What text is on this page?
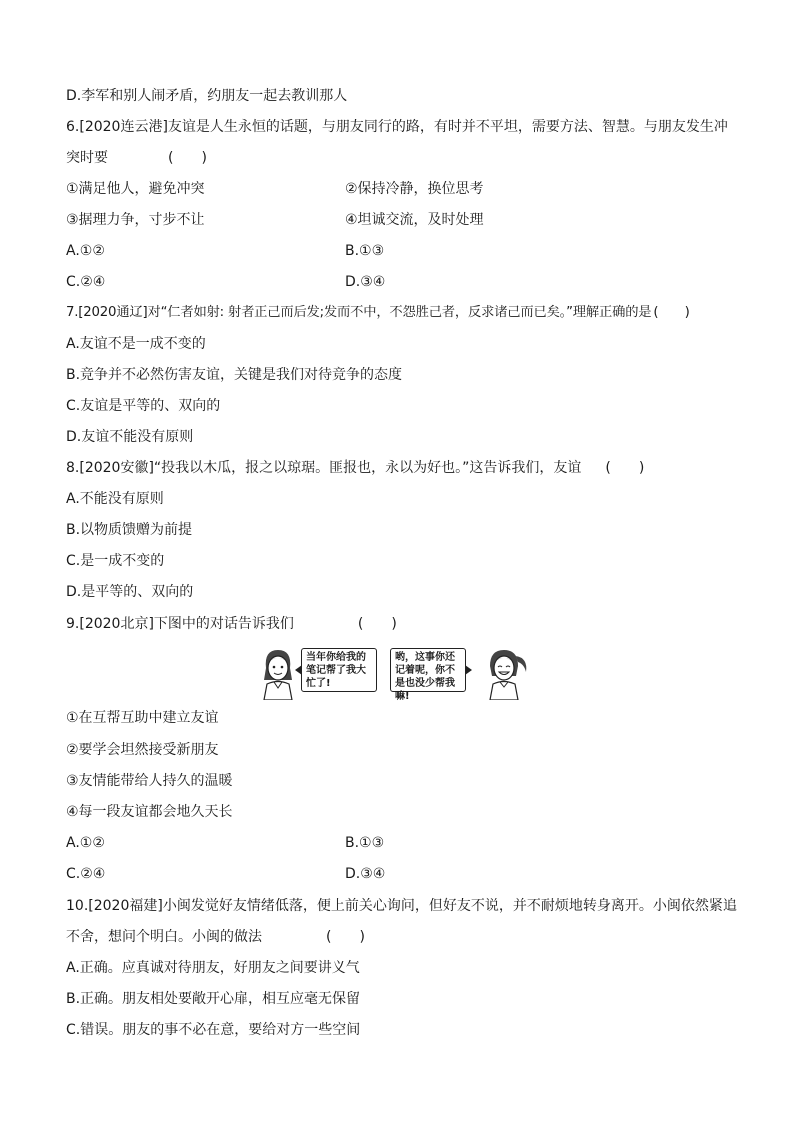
D.李军和别人闹矛盾，约朋友一起去教训那人
6.[2020连云港]友谊是人生永恒的话题，与朋友同行的路，有时并不平坦，需要方法、智慧。与朋友发生冲
突时要	(　　)
①满足他人，避免冲突	②保持冷静，换位思考
③据理力争，寸步不让	④坦诚交流，及时处理
A.①②	B.①③
C.②④	D.③④
7.[2020通辽]对“仁者如射: 射者正己而后发;发而不中，不怨胜己者，反求诸己而已矣。”理解正确的是 (　　)
A.友谊不是一成不变的
B.竞争并不必然伤害友谊，关键是我们对待竞争的态度
C.友谊是平等的、双向的
D.友谊不能没有原则
8.[2020安徽]“投我以木瓜，报之以琼琚。匪报也，永以为好也。”这告诉我们，友谊 (　　)
A.不能没有原则
B.以物质馈赠为前提
C.是一成不变的
D.是平等的、双向的
9.[2020北京]下图中的对话告诉我们	(　　)
当年你给我的笔记帮了我大忙了!
哟，这事你还记着呢，你不是也没少帮我嘛!
①在互帮互助中建立友谊
②要学会坦然接受新朋友
③友情能带给人持久的温暖
④每一段友谊都会地久天长
A.①②	B.①③
C.②④	D.③④
10.[2020福建]小闽发觉好友情绪低落，便上前关心询问，但好友不说，并不耐烦地转身离开。小闽依然紧追
不舍，想问个明白。小闽的做法	(　　)
A.正确。应真诚对待朋友，好朋友之间要讲义气
B.正确。朋友相处要敞开心扉，相互应毫无保留
C.错误。朋友的事不必在意，要给对方一些空间
